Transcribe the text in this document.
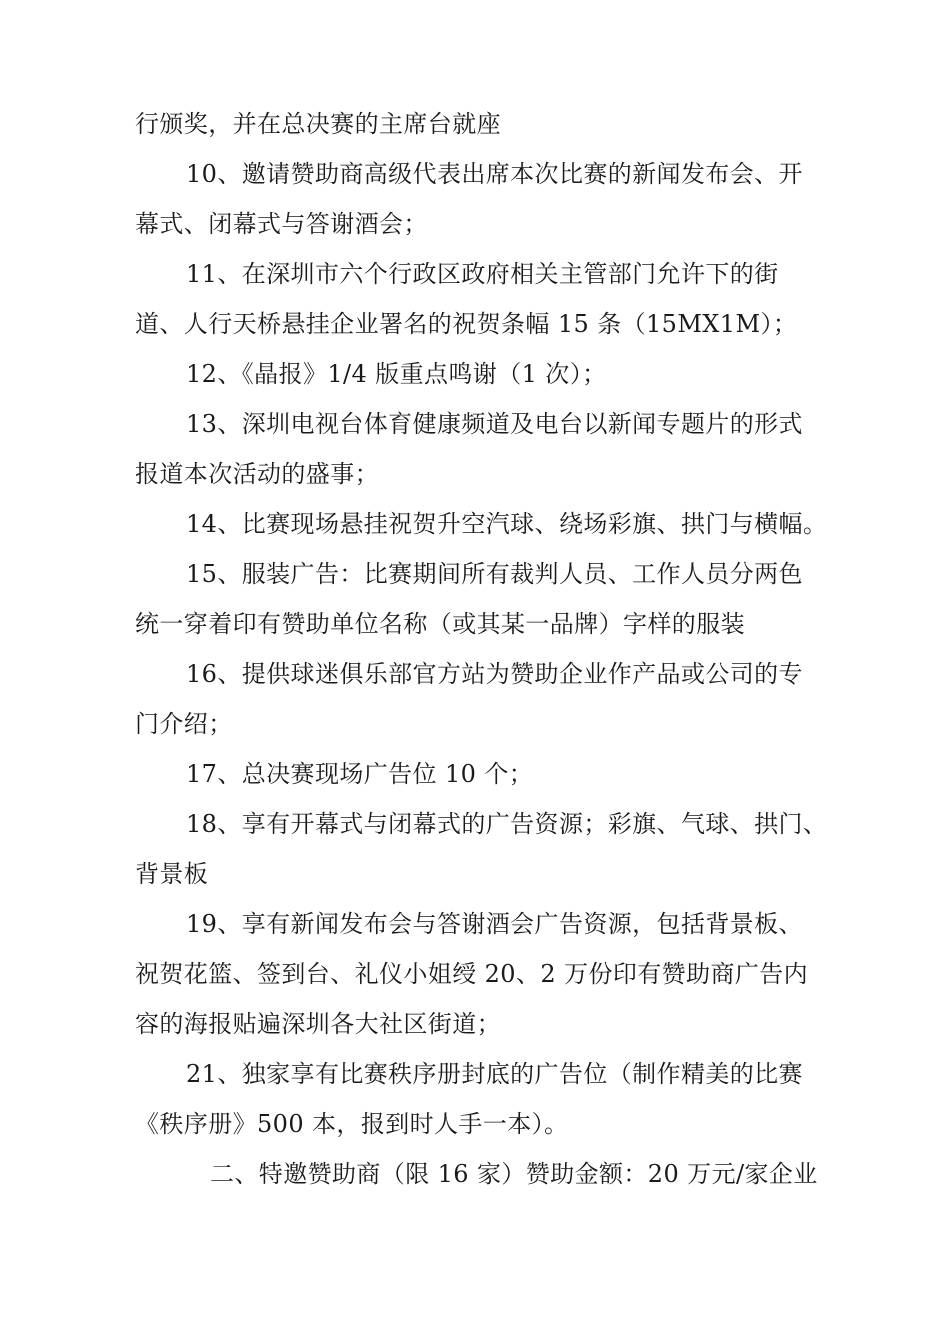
行颁奖，并在总决赛的主席台就座
10、邀请赞助商高级代表出席本次比赛的新闻发布会、开
幕式、闭幕式与答谢酒会；
11、在深圳市六个行政区政府相关主管部门允许下的街
道、人行天桥悬挂企业署名的祝贺条幅 15 条（15MX1M）；
12、《晶报》1/4 版重点鸣谢（1 次）；
13、深圳电视台体育健康频道及电台以新闻专题片的形式
报道本次活动的盛事；
14、比赛现场悬挂祝贺升空汽球、绕场彩旗、拱门与横幅。
15、服装广告：比赛期间所有裁判人员、工作人员分两色
统一穿着印有赞助单位名称（或其某一品牌）字样的服装
16、提供球迷俱乐部官方站为赞助企业作产品或公司的专
门介绍；
17、总决赛现场广告位 10 个；
18、享有开幕式与闭幕式的广告资源；彩旗、气球、拱门、
背景板
19、享有新闻发布会与答谢酒会广告资源，包括背景板、
祝贺花篮、签到台、礼仪小姐绶 20、2 万份印有赞助商广告内
容的海报贴遍深圳各大社区街道；
21、独家享有比赛秩序册封底的广告位（制作精美的比赛
《秩序册》500 本，报到时人手一本）。
二、特邀赞助商（限 16 家）赞助金额：20 万元/家企业
